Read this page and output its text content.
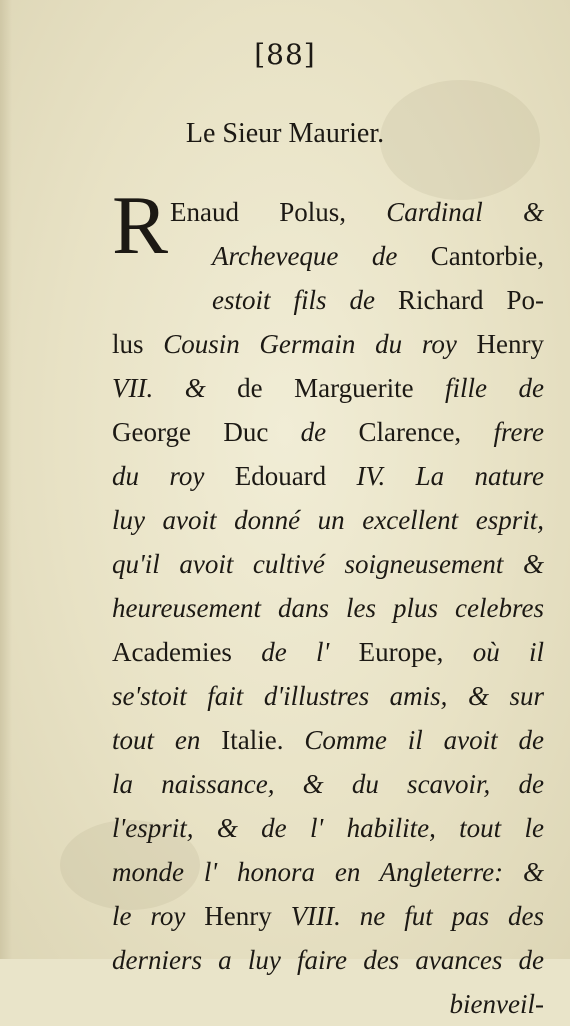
[88]
Le Sieur Maurier.
R Enaud Polus, Cardinal &
Archeveque de Cantorbie,
estoit fils de Richard Po-
lus Cousin Germain du roy Henry
VII. & de Marguerite fille de
George Duc de Clarence, frere
du roy Edouard IV. La nature
luy avoit donné un excellent esprit,
qu'il avoit cultivé soigneusement &
heureusement dans les plus celebres
Academies de l' Europe, où il
se'stoit fait d'illustres amis, & sur
tout en Italie. Comme il avoit de
la naissance, & du scavoir, de
l'esprit, & de l' habilite, tout le
monde l' honora en Angleterre: &
le roy Henry VIII. ne fut pas des
derniers a luy faire des avances de
bienveil-
